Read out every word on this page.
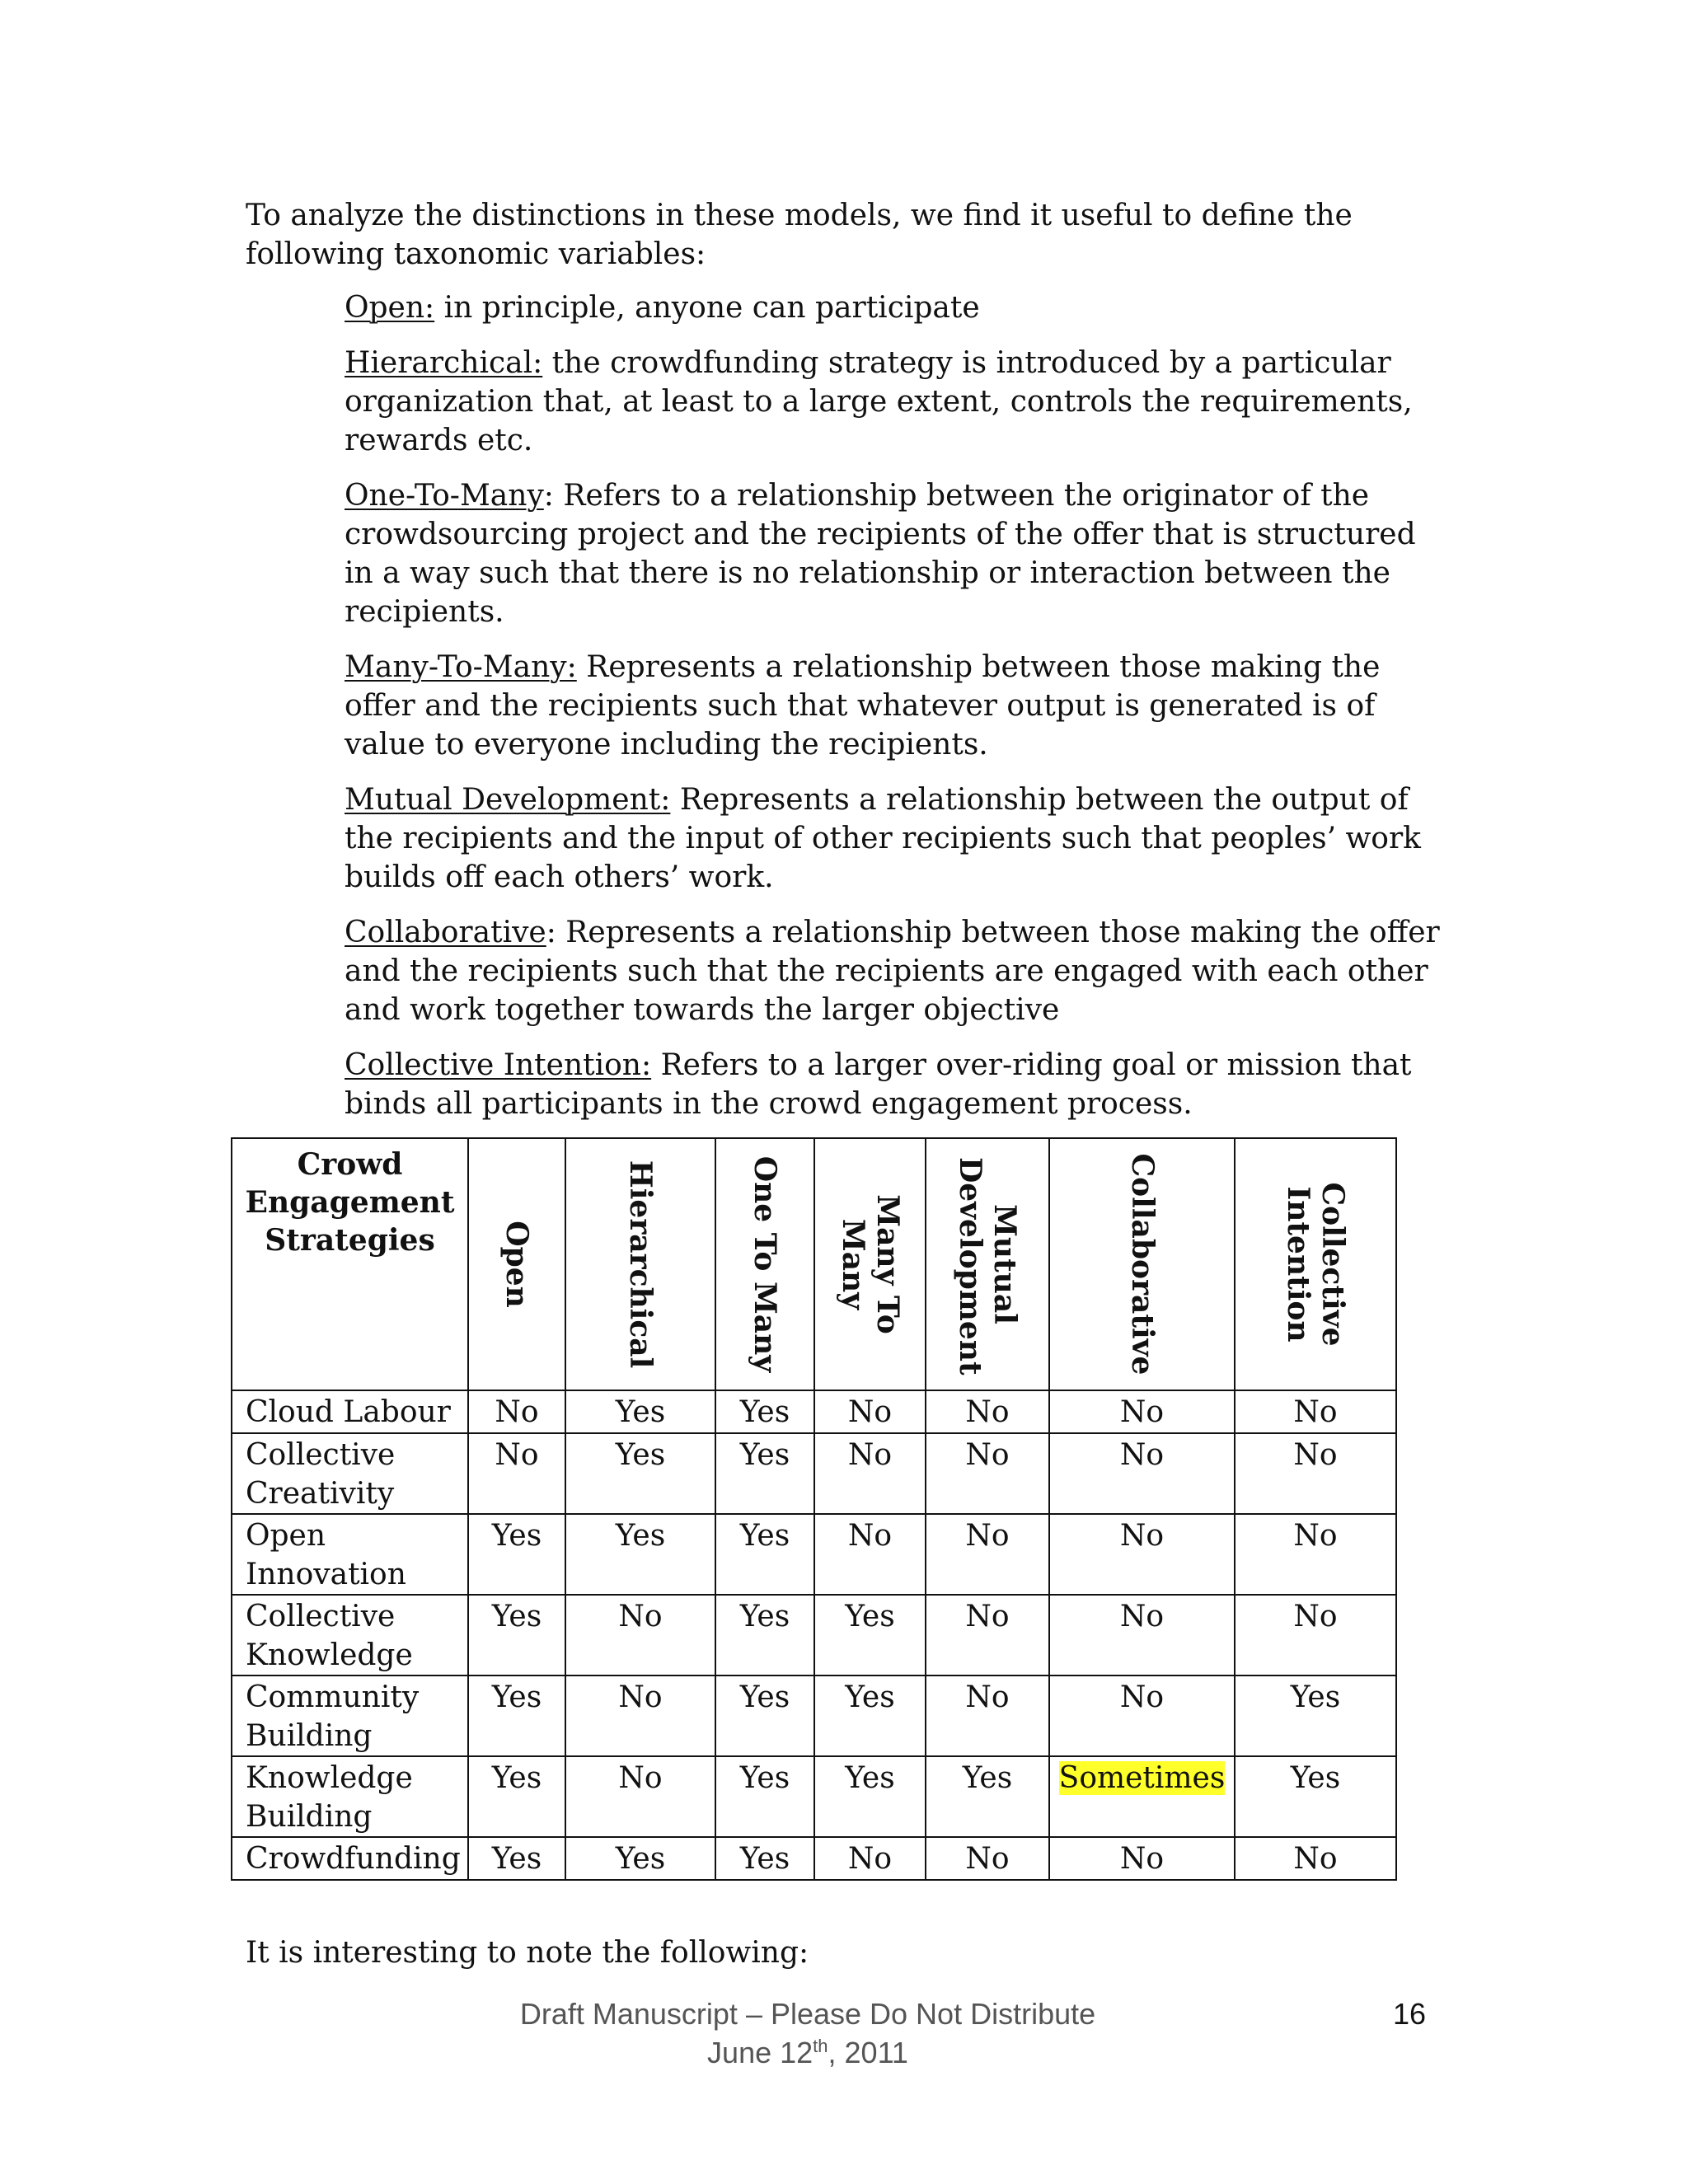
To analyze the distinctions in these models, we find it useful to define the following taxonomic variables:

Open: in principle, anyone can participate
Hierarchical: the crowdfunding strategy is introduced by a particular organization that, at least to a large extent, controls the requirements, rewards etc.
One-To-Many: Refers to a relationship between the originator of the crowdsourcing project and the recipients of the offer that is structured in a way such that there is no relationship or interaction between the recipients.
Many-To-Many: Represents a relationship between those making the offer and the recipients such that whatever output is generated is of value to everyone including the recipients.
Mutual Development: Represents a relationship between the output of the recipients and the input of other recipients such that peoples’ work builds off each others’ work.
Collaborative: Represents a relationship between those making the offer and the recipients such that the recipients are engaged with each other and work together towards the larger objective
Collective Intention: Refers to a larger over-riding goal or mission that binds all participants in the crowd engagement process.
Crowd Engagement Strategies	Open	Hierarchical	One To Many	Many To Many	Mutual Development	Collaborative	Collective Intention

Cloud Labour	No	Yes	Yes	No	No	No	No
Collective Creativity	No	Yes	Yes	No	No	No	No
Open Innovation	Yes	Yes	Yes	No	No	No	No
Collective Knowledge	Yes	No	Yes	Yes	No	No	No
Community Building	Yes	No	Yes	Yes	No	No	Yes
Knowledge Building	Yes	No	Yes	Yes	Yes	Sometimes	Yes
Crowdfunding	Yes	Yes	Yes	No	No	No	No

It is interesting to note the following:

Draft Manuscript – Please Do Not Distribute
June 12th, 2011
16
